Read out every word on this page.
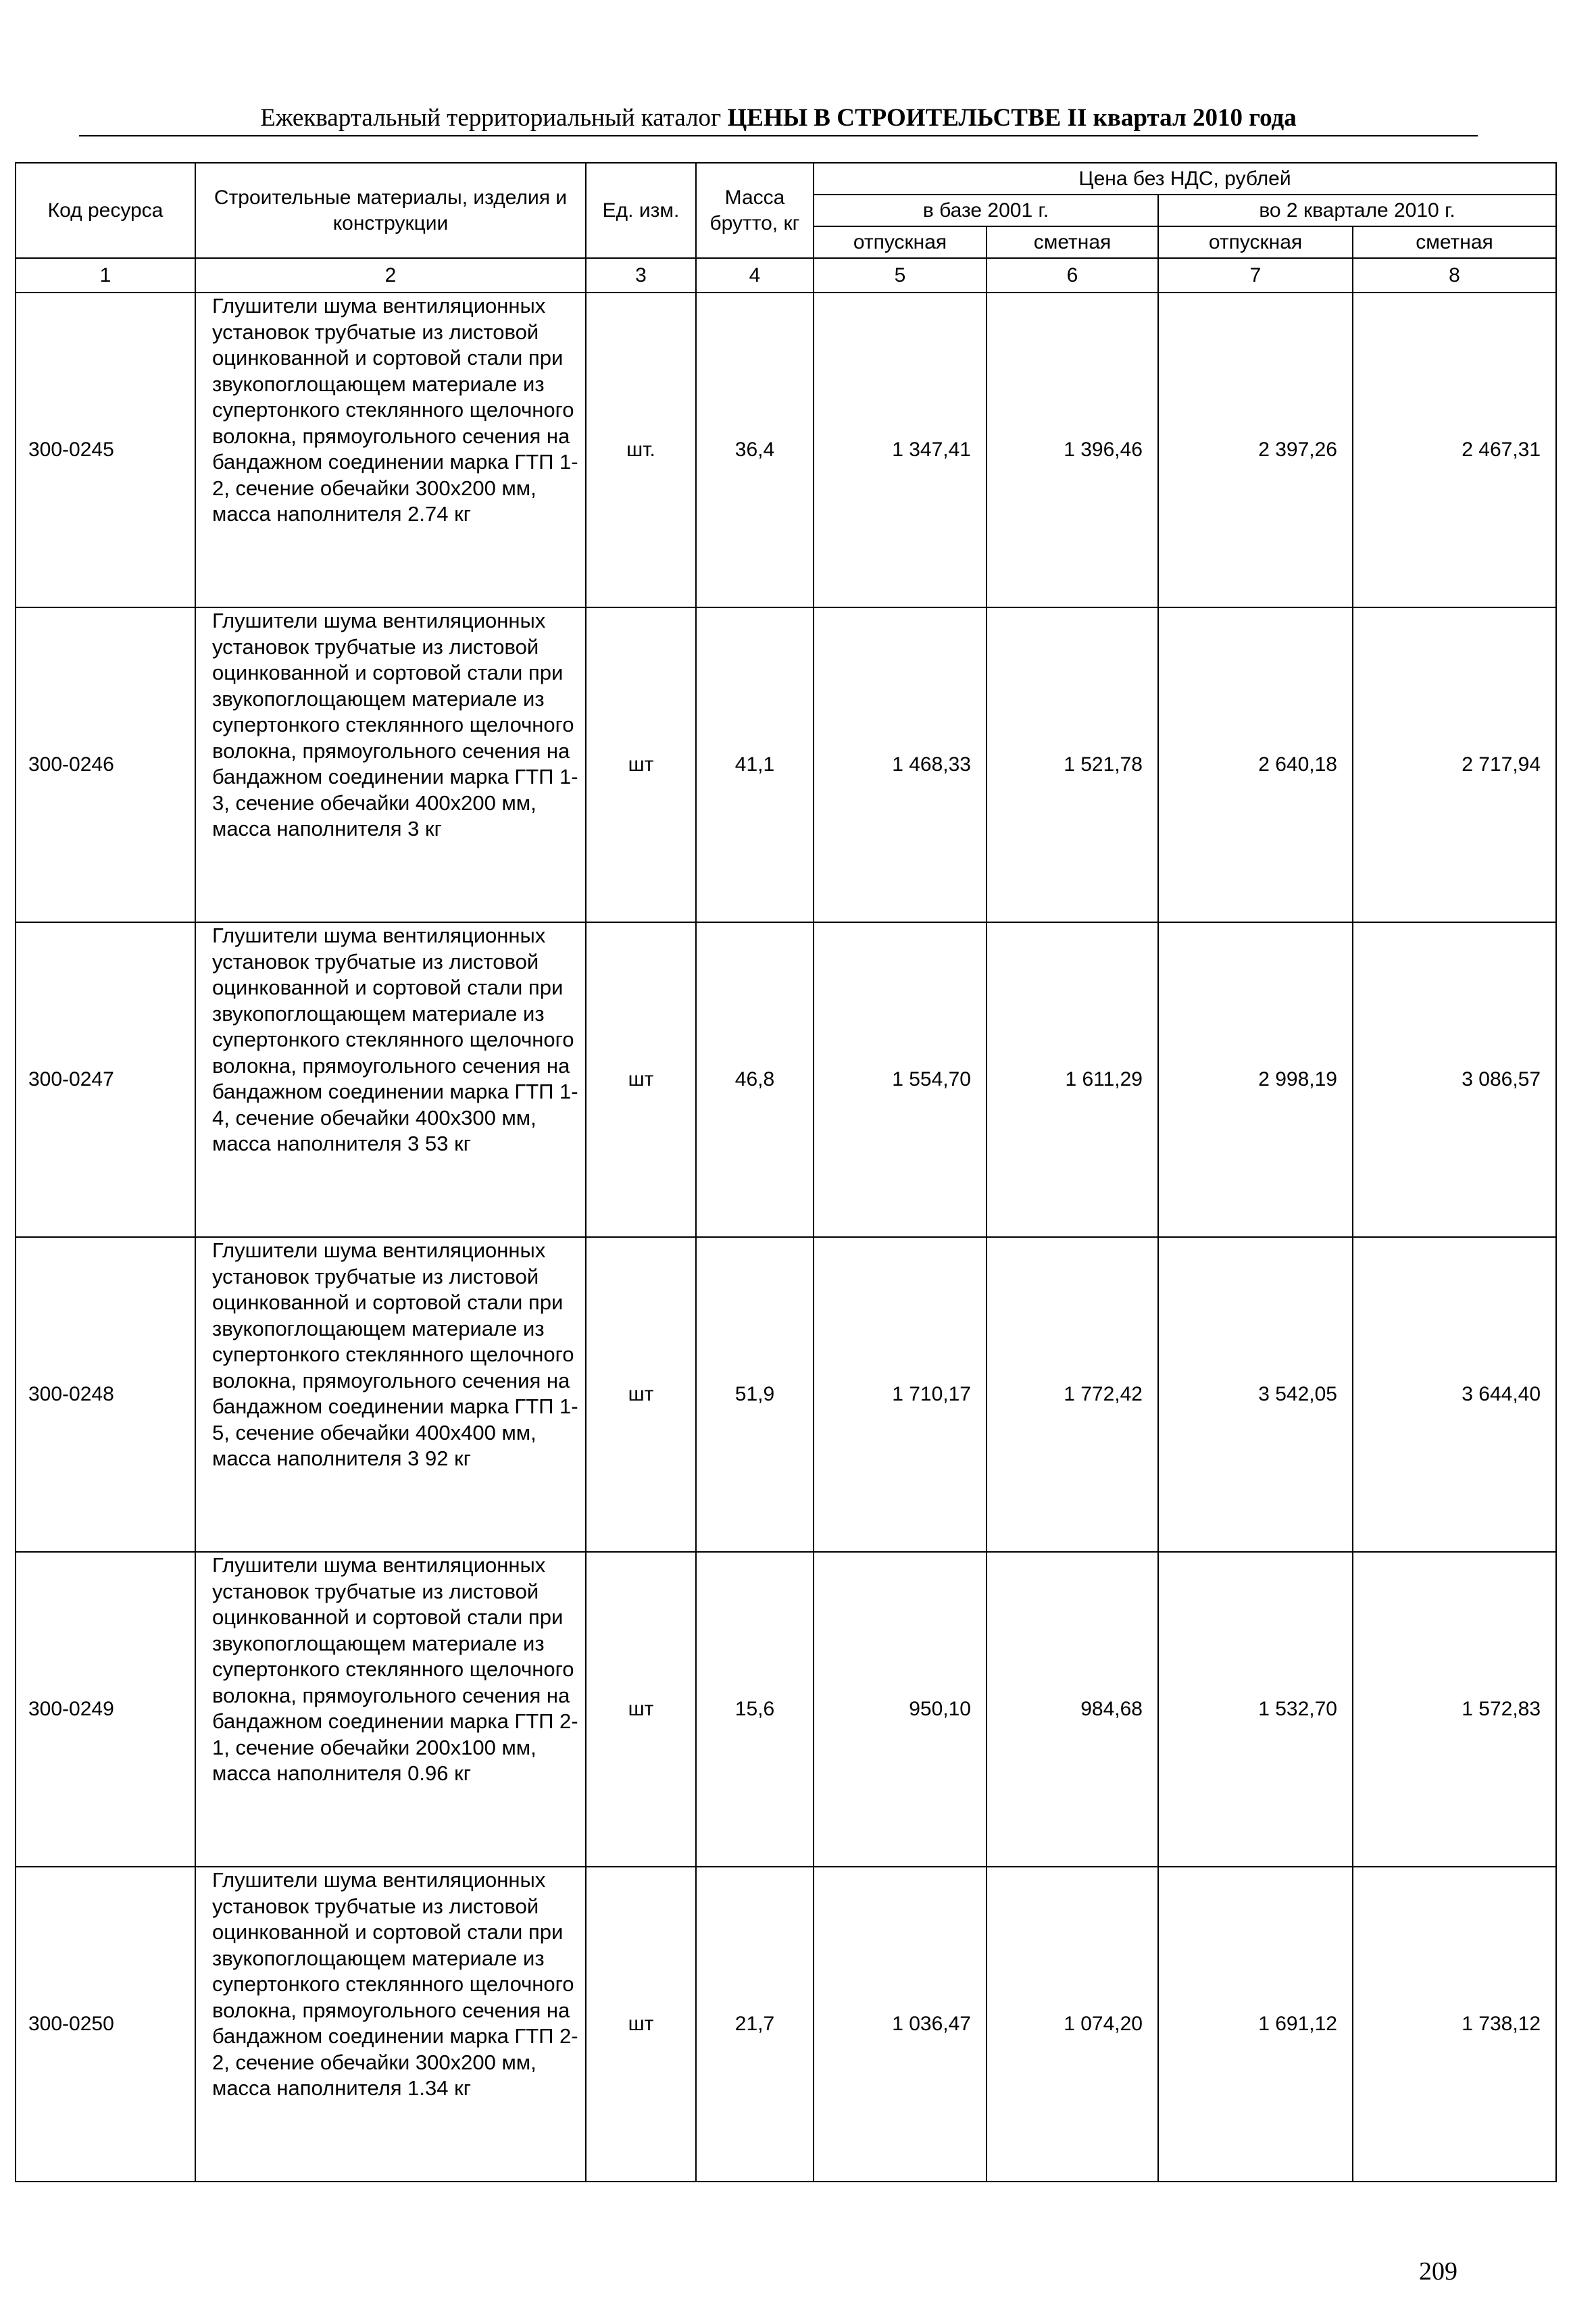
Ежеквартальный территориальный каталог ЦЕНЫ В СТРОИТЕЛЬСТВЕ II квартал 2010 года
Код ресурса	Строительные материалы, изделия и конструкции	Ед. изм.	Масса брутто, кг	Цена без НДС, рублей			
				в базе 2001 г.		во 2 квартале 2010 г.	
				отпускная	сметная	отпускная	сметная
1	2	3	4	5	6	7	8
300-0245	Глушители шума вентиляционных установок трубчатые из листовой оцинкованной и сортовой стали при звукопоглощающем материале из супертонкого стеклянного щелочного волокна, прямоугольного сечения на бандажном соединении марка ГТП 1-2, сечение обечайки 300х200 мм, масса наполнителя 2.74 кг	шт.	36,4	1 347,41	1 396,46	2 397,26	2 467,31
300-0246	Глушители шума вентиляционных установок трубчатые из листовой оцинкованной и сортовой стали при звукопоглощающем материале из супертонкого стеклянного щелочного волокна, прямоугольного сечения на бандажном соединении марка ГТП 1-3, сечение обечайки 400х200 мм, масса наполнителя 3 кг	шт	41,1	1 468,33	1 521,78	2 640,18	2 717,94
300-0247	Глушители шума вентиляционных установок трубчатые из листовой оцинкованной и сортовой стали при звукопоглощающем материале из супертонкого стеклянного щелочного волокна, прямоугольного сечения на бандажном соединении марка ГТП 1-4, сечение обечайки 400х300 мм, масса наполнителя 3 53 кг	шт	46,8	1 554,70	1 611,29	2 998,19	3 086,57
300-0248	Глушители шума вентиляционных установок трубчатые из листовой оцинкованной и сортовой стали при звукопоглощающем материале из супертонкого стеклянного щелочного волокна, прямоугольного сечения на бандажном соединении марка ГТП 1-5, сечение обечайки 400х400 мм, масса наполнителя 3 92 кг	шт	51,9	1 710,17	1 772,42	3 542,05	3 644,40
300-0249	Глушители шума вентиляционных установок трубчатые из листовой оцинкованной и сортовой стали при звукопоглощающем материале из супертонкого стеклянного щелочного волокна, прямоугольного сечения на бандажном соединении марка ГТП 2-1, сечение обечайки 200х100 мм, масса наполнителя 0.96 кг	шт	15,6	950,10	984,68	1 532,70	1 572,83
300-0250	Глушители шума вентиляционных установок трубчатые из листовой оцинкованной и сортовой стали при звукопоглощающем материале из супертонкого стеклянного щелочного волокна, прямоугольного сечения на бандажном соединении марка ГТП 2-2, сечение обечайки 300х200 мм, масса наполнителя 1.34 кг	шт	21,7	1 036,47	1 074,20	1 691,12	1 738,12
209
